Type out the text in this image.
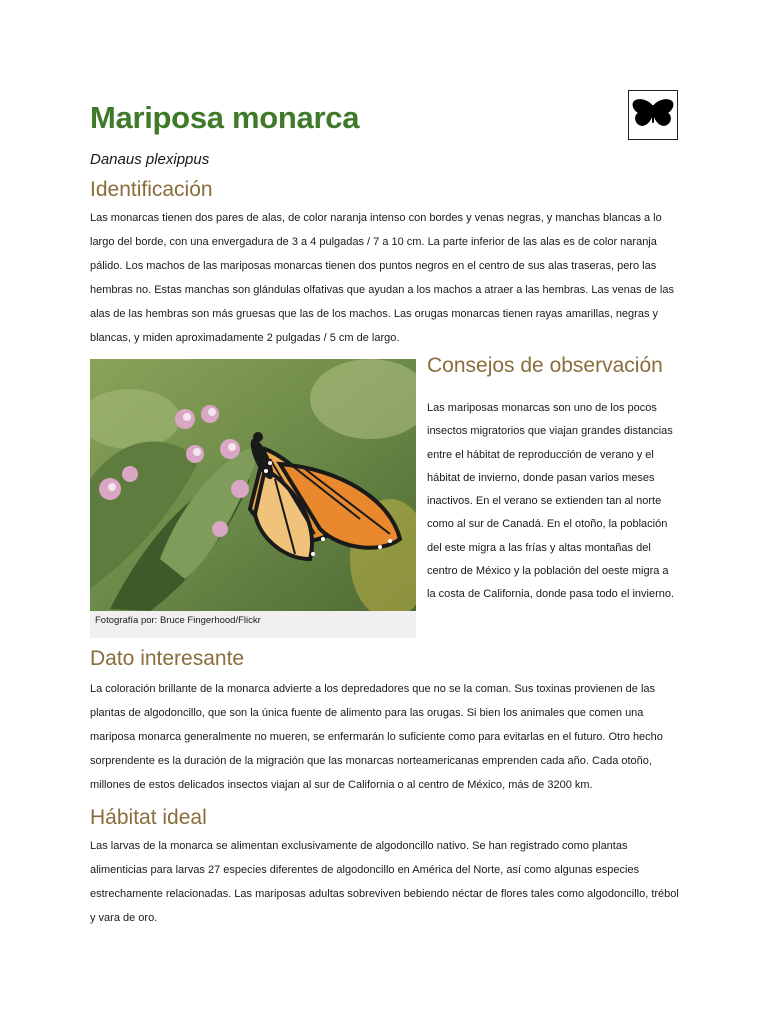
Mariposa monarca

Danaus plexippus

Identificación

Las monarcas tienen dos pares de alas, de color naranja intenso con bordes y venas negras, y manchas blancas a lo largo del borde, con una envergadura de 3 a 4 pulgadas / 7 a 10 cm. La parte inferior de las alas es de color naranja pálido. Los machos de las mariposas monarcas tienen dos puntos negros en el centro de sus alas traseras, pero las hembras no. Estas manchas son glándulas olfativas que ayudan a los machos a atraer a las hembras. Las venas de las alas de las hembras son más gruesas que las de los machos. Las orugas monarcas tienen rayas amarillas, negras y blancas, y miden aproximadamente 2 pulgadas / 5 cm de largo.

Fotografía por: Bruce Fingerhood/Flickr
Consejos de observación

Las mariposas monarcas son uno de los pocos insectos migratorios que viajan grandes distancias entre el hábitat de reproducción de verano y el hábitat de invierno, donde pasan varios meses inactivos. En el verano se extienden tan al norte como al sur de Canadá. En el otoño, la población del este migra a las frías y altas montañas del centro de México y la población del oeste migra a la costa de California, donde pasa todo el invierno.

Dato interesante

La coloración brillante de la monarca advierte a los depredadores que no se la coman. Sus toxinas provienen de las plantas de algodoncillo, que son la única fuente de alimento para las orugas. Si bien los animales que comen una mariposa monarca generalmente no mueren, se enfermarán lo suficiente como para evitarlas en el futuro. Otro hecho sorprendente es la duración de la migración que las monarcas norteamericanas emprenden cada año. Cada otoño, millones de estos delicados insectos viajan al sur de California o al centro de México, más de 3200 km.

Hábitat ideal

Las larvas de la monarca se alimentan exclusivamente de algodoncillo nativo. Se han registrado como plantas alimenticias para larvas 27 especies diferentes de algodoncillo en América del Norte, así como algunas especies estrechamente relacionadas. Las mariposas adultas sobreviven bebiendo néctar de flores tales como algodoncillo, trébol y vara de oro.
